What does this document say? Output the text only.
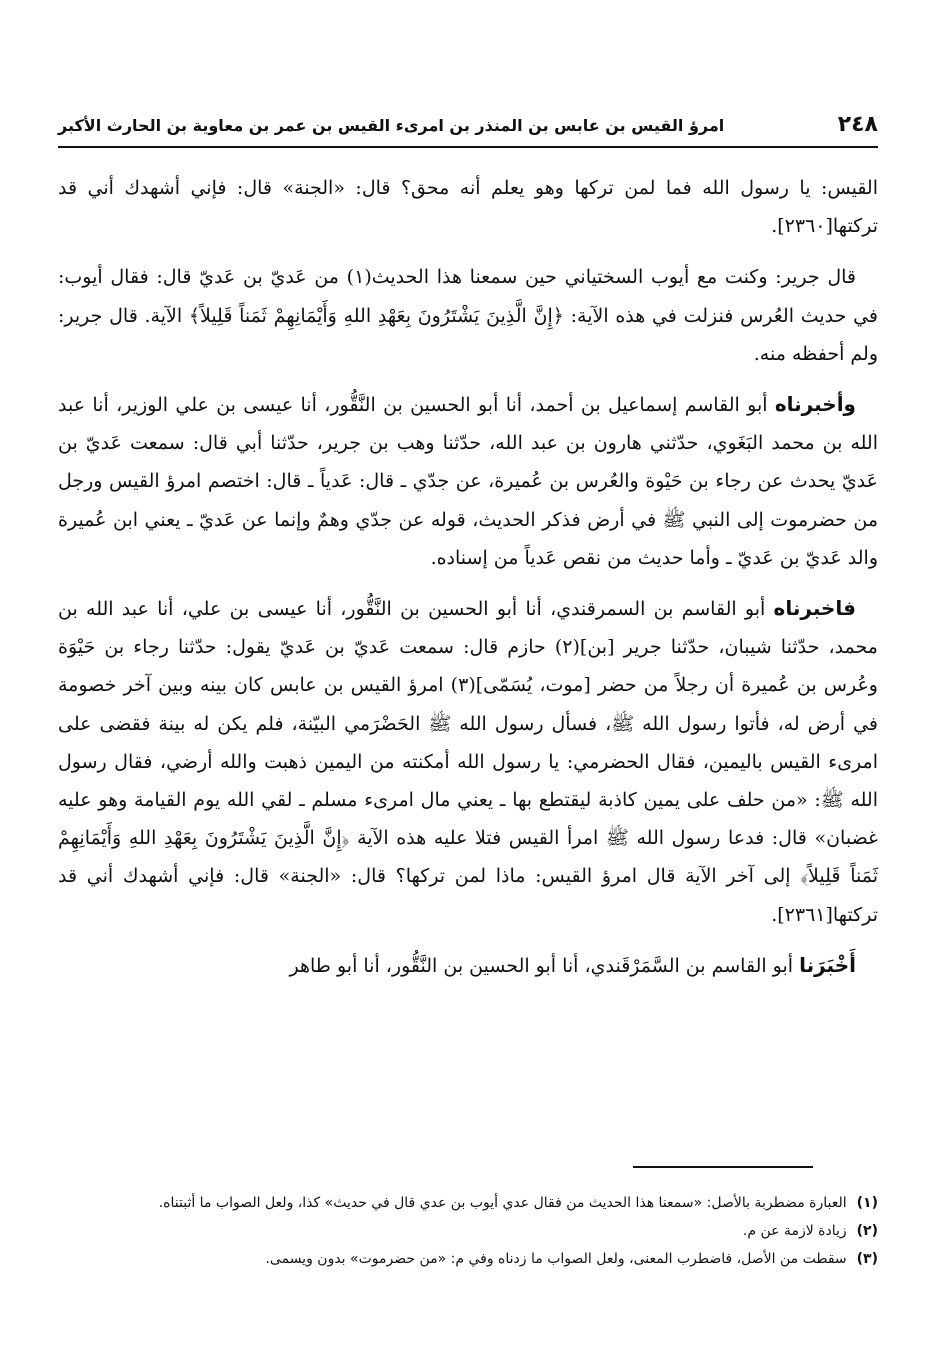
٢٤٨
امرؤ القيس بن عابس بن المنذر بن امرىء القيس بن عمر بن معاوية بن الحارث الأكبر

القيس: يا رسول الله فما لمن تركها وهو يعلم أنه محق؟ قال: «الجنة» قال: فإني أشهدك أني قد تركتها[٢٣٦٠].

قال جرير: وكنت مع أيوب السختياني حين سمعنا هذا الحديث(١) من عَديّ بن عَديّ قال: فقال أيوب: في حديث العُرس فنزلت في هذه الآية: ﴿إِنَّ الَّذِينَ يَشْتَرُونَ بِعَهْدِ اللهِ وَأَيْمَانِهِمْ ثَمَناً قَلِيلاً﴾ الآية. قال جرير: ولم أحفظه منه.

وأخبرناه أبو القاسم إسماعيل بن أحمد، أنا أبو الحسين بن النَّقُّور، أنا عيسى بن علي الوزير، أنا عبد الله بن محمد البَغَوي، حدّثني هارون بن عبد الله، حدّثنا وهب بن جرير، حدّثنا أبي قال: سمعت عَديّ بن عَديّ يحدث عن رجاء بن حَيْوة والعُرس بن عُميرة، عن جدّي ـ قال: عَدياً ـ قال: اختصم امرؤ القيس ورجل من حضرموت إلى النبي ﷺ في أرض فذكر الحديث، قوله عن جدّي وهمٌ وإنما عن عَديّ ـ يعني ابن عُميرة والد عَديّ بن عَديّ ـ وأما حديث من نقص عَدياً من إسناده.

فاخبرناه أبو القاسم بن السمرقندي، أنا أبو الحسين بن النَّقُّور، أنا عيسى بن علي، أنا عبد الله بن محمد، حدّثنا شيبان، حدّثنا جرير [بن](٢) حازم قال: سمعت عَديّ بن عَديّ يقول: حدّثنا رجاء بن حَيْوَة وعُرس بن عُميرة أن رجلاً من حضر [موت، يُسَمّى](٣) امرؤ القيس بن عابس كان بينه وبين آخر خصومة في أرض له، فأتوا رسول الله ﷺ، فسأل رسول الله ﷺ الحَضْرَمي البيّنة، فلم يكن له بينة فقضى على امرىء القيس باليمين، فقال الحضرمي: يا رسول الله أمكنته من اليمين ذهبت والله أرضي، فقال رسول الله ﷺ: «من حلف على يمين كاذبة ليقتطع بها ـ يعني مال امرىء مسلم ـ لقي الله يوم القيامة وهو عليه غضبان» قال: فدعا رسول الله ﷺ امرأ القيس فتلا عليه هذه الآية ﴿إِنَّ الَّذِينَ يَشْتَرُونَ بِعَهْدِ اللهِ وَأَيْمَانِهِمْ ثَمَناً قَلِيلاً﴾ إلى آخر الآية قال امرؤ القيس: ماذا لمن تركها؟ قال: «الجنة» قال: فإني أشهدك أني قد تركتها[٢٣٦١].

أَخْبَرَنا أبو القاسم بن السَّمَرْقَندي، أنا أبو الحسين بن النَّقُّور، أنا أبو طاهر

(١)
العبارة مضطربة بالأصل: «سمعنا هذا الحديث من فقال عدي أيوب بن عدي قال في حديث» كذا، ولعل الصواب ما أثبتناه.
(٢)
زيادة لازمة عن م.
(٣)
سقطت من الأصل، فاضطرب المعنى، ولعل الصواب ما زدناه وفي م: «من حضرموت» بدون ويسمى.
